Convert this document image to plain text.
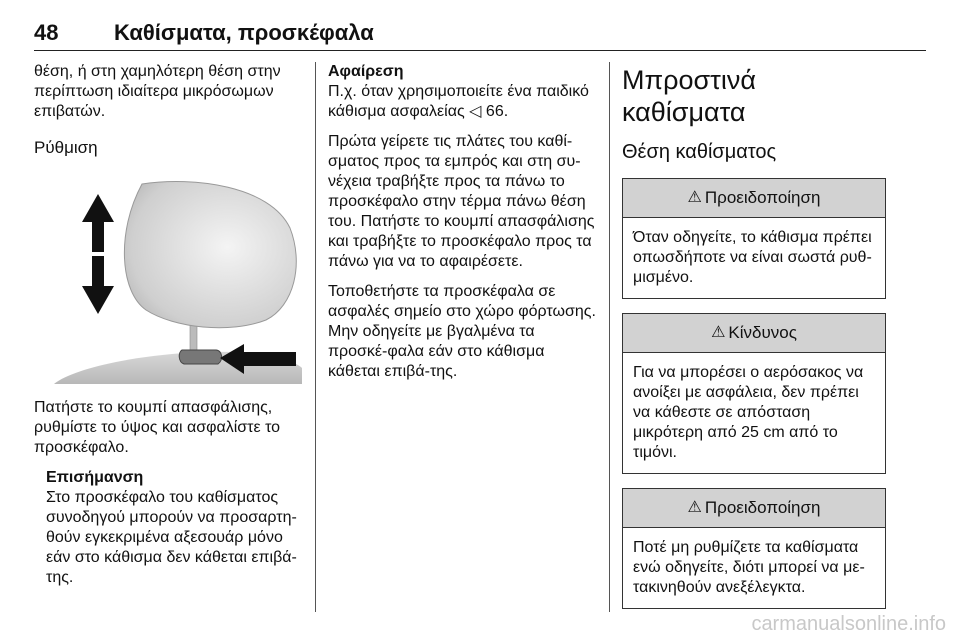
48	Καθίσματα, προσκέφαλα

θέση, ή στη χαμηλότερη θέση στην περίπτωση ιδιαίτερα μικρόσωμων επιβατών.

Ρύθμιση

Πατήστε το κουμπί απασφάλισης, ρυθμίστε το ύψος και ασφαλίστε το προσκέφαλο.

Επισήμανση
Στο προσκέφαλο του καθίσματος συνοδηγού μπορούν να προσαρτη-θούν εγκεκριμένα αξεσουάρ μόνο εάν στο κάθισμα δεν κάθεται επιβά-της.

Αφαίρεση
Π.χ. όταν χρησιμοποιείτε ένα παιδικό κάθισμα ασφαλείας ◁ 66.

Πρώτα γείρετε τις πλάτες του καθί-σματος προς τα εμπρός και στη συ-νέχεια τραβήξτε προς τα πάνω το προσκέφαλο στην τέρμα πάνω θέση του. Πατήστε το κουμπί απασφάλισης και τραβήξτε το προσκέφαλο προς τα πάνω για να το αφαιρέσετε.

Τοποθετήστε τα προσκέφαλα σε ασφαλές σημείο στο χώρο φόρτωσης. Μην οδηγείτε με βγαλμένα τα προσκέ-φαλα εάν στο κάθισμα κάθεται επιβά-της.

Μπροστινά καθίσματα
Θέση καθίσματος
⚠ Προειδοποίηση
Όταν οδηγείτε, το κάθισμα πρέπει οπωσδήποτε να είναι σωστά ρυθ-μισμένο.
⚠ Κίνδυνος
Για να μπορέσει ο αερόσακος να ανοίξει με ασφάλεια, δεν πρέπει να κάθεστε σε απόσταση μικρότερη από 25 cm από το τιμόνι.
⚠ Προειδοποίηση
Ποτέ μη ρυθμίζετε τα καθίσματα ενώ οδηγείτε, διότι μπορεί να με-τακινηθούν ανεξέλεγκτα.
carmanualsonline.info
